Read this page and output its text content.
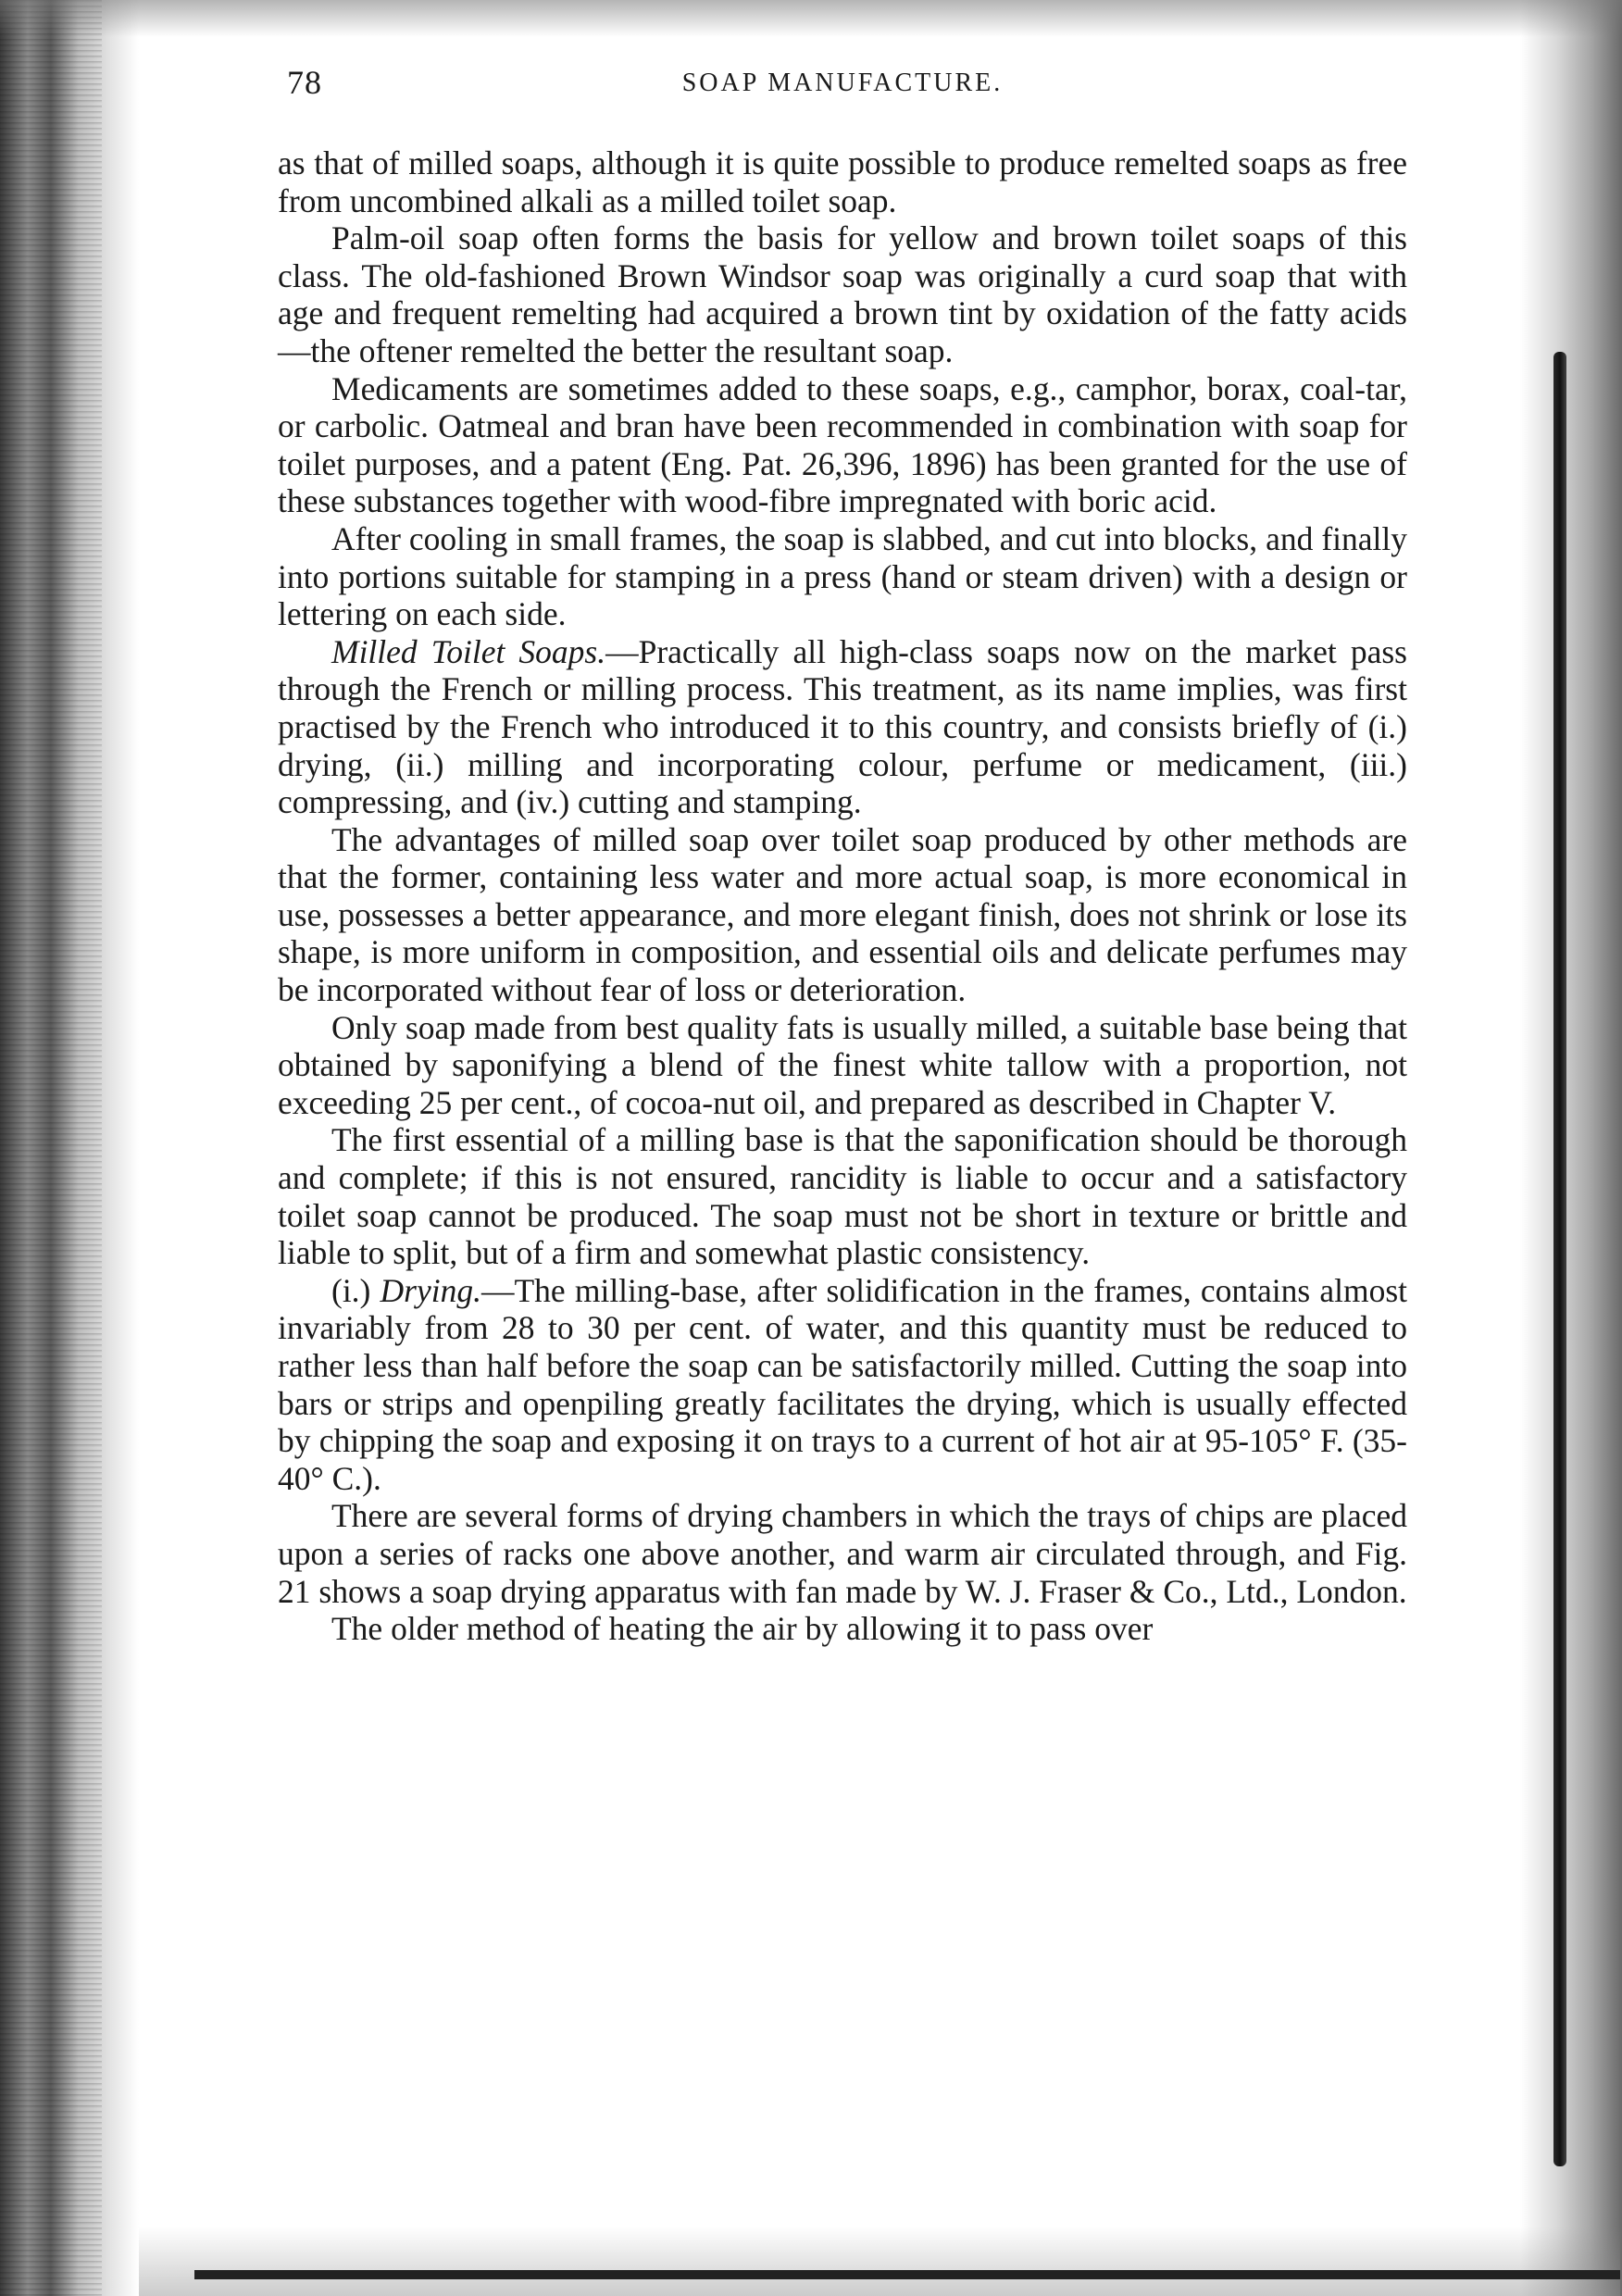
78	SOAP MANUFACTURE.

as that of milled soaps, although it is quite possible to produce remelted soaps as free from uncombined alkali as a milled toilet soap.

Palm-oil soap often forms the basis for yellow and brown toilet soaps of this class. The old-fashioned Brown Windsor soap was originally a curd soap that with age and frequent remelting had acquired a brown tint by oxidation of the fatty acids—the oftener remelted the better the resultant soap.

Medicaments are sometimes added to these soaps, e.g., camphor, borax, coal-tar, or carbolic. Oatmeal and bran have been recommended in combination with soap for toilet purposes, and a patent (Eng. Pat. 26,396, 1896) has been granted for the use of these substances together with wood-fibre impregnated with boric acid.

After cooling in small frames, the soap is slabbed, and cut into blocks, and finally into portions suitable for stamping in a press (hand or steam driven) with a design or lettering on each side.

Milled Toilet Soaps.—Practically all high-class soaps now on the market pass through the French or milling process. This treatment, as its name implies, was first practised by the French who introduced it to this country, and consists briefly of (i.) drying, (ii.) milling and incorporating colour, perfume or medicament, (iii.) compressing, and (iv.) cutting and stamping.

The advantages of milled soap over toilet soap produced by other methods are that the former, containing less water and more actual soap, is more economical in use, possesses a better appearance, and more elegant finish, does not shrink or lose its shape, is more uniform in composition, and essential oils and delicate perfumes may be incorporated without fear of loss or deterioration.

Only soap made from best quality fats is usually milled, a suitable base being that obtained by saponifying a blend of the finest white tallow with a proportion, not exceeding 25 per cent., of cocoa-nut oil, and prepared as described in Chapter V.

The first essential of a milling base is that the saponification should be thorough and complete; if this is not ensured, rancidity is liable to occur and a satisfactory toilet soap cannot be produced. The soap must not be short in texture or brittle and liable to split, but of a firm and somewhat plastic consistency.

(i.) Drying.—The milling-base, after solidification in the frames, contains almost invariably from 28 to 30 per cent. of water, and this quantity must be reduced to rather less than half before the soap can be satisfactorily milled. Cutting the soap into bars or strips and openpiling greatly facilitates the drying, which is usually effected by chipping the soap and exposing it on trays to a current of hot air at 95-105° F. (35-40° C.).

There are several forms of drying chambers in which the trays of chips are placed upon a series of racks one above another, and warm air circulated through, and Fig. 21 shows a soap drying apparatus with fan made by W. J. Fraser & Co., Ltd., London.

The older method of heating the air by allowing it to pass over
